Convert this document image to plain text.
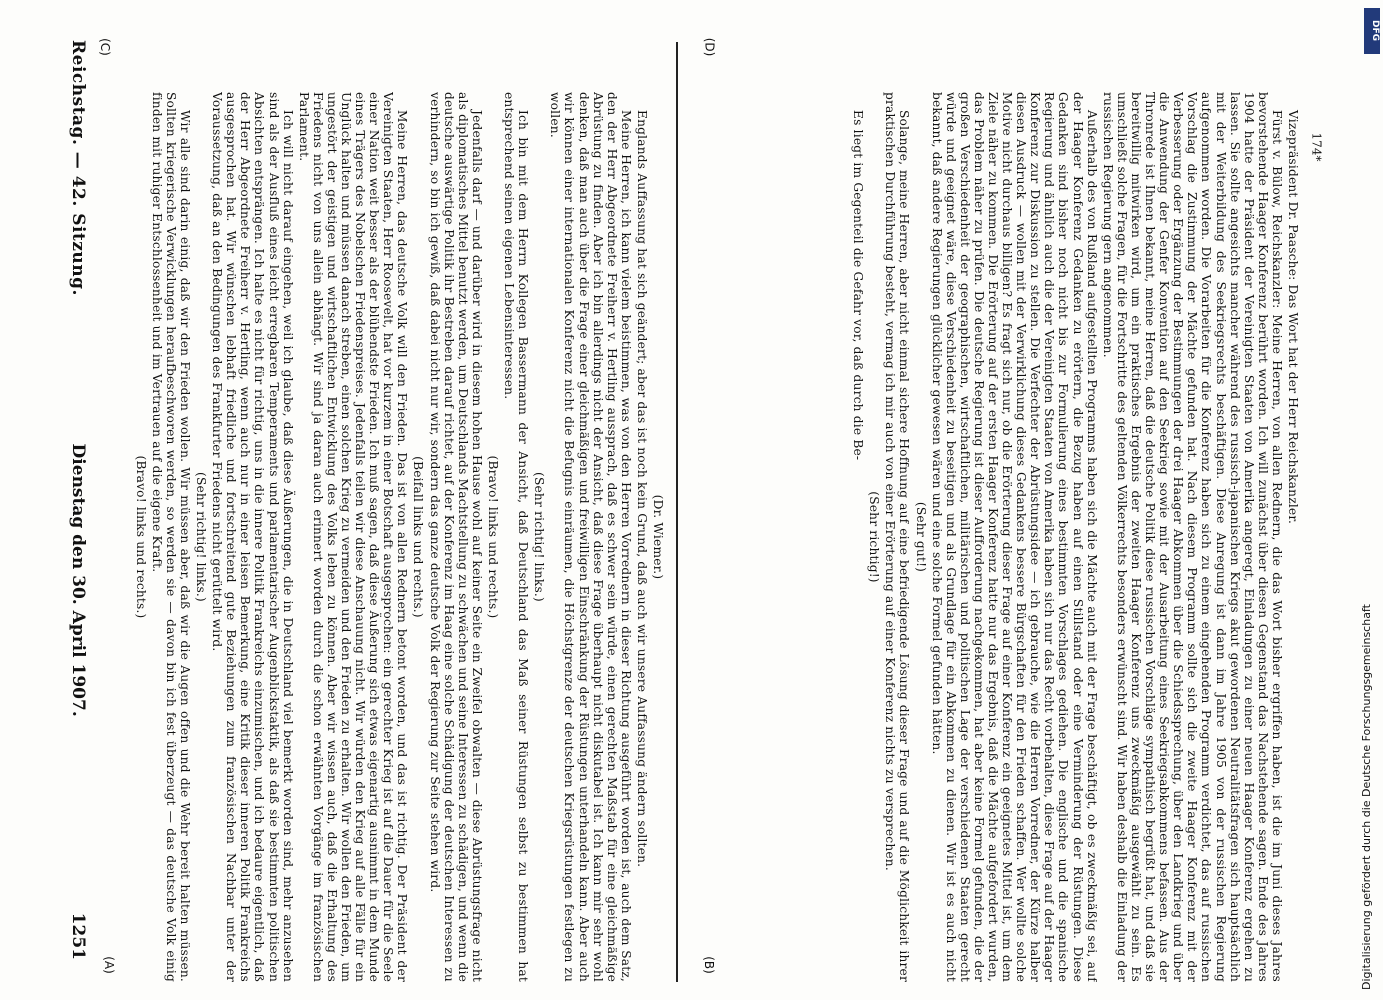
Reichstag. — 42. Sitzung.
Dienstag den 30. April 1907. 1251

(Dr. Wiemer.)

Englands Auffassung hat sich geändert; aber das ist noch kein Grund, daß auch wir unsere Auffassung ändern sollten.

Meine Herren, ich kann vielem beistimmen, was von den Herren Vorrednern in dieser Richtung ausgeführt worden ist, auch dem Satz, den der Herr Abgeordnete Freiherr v. Hertling aussprach, daß es schwer sein würde, einen gerechten Maßstab für eine gleichmäßige Abrüstung zu finden. Aber ich bin allerdings nicht der Ansicht, daß diese Frage überhaupt nicht diskutabel ist. Ich kann mir sehr wohl denken, daß man auch über die Frage einer gleichmäßigen und freiwilligen Einschränkung der Rüstungen unterhandeln kann. Aber auch wir können einer internationalen Konferenz nicht die Befugnis einräumen, die Höchstgrenze der deutschen Kriegsrüstungen festlegen zu wollen.

(Sehr richtig! links.)

Ich bin mit dem Herrn Kollegen Bassermann der Ansicht, daß Deutschland das Maß seiner Rüstungen selbst zu bestimmen hat entsprechend seinen eigenen Lebensinteressen.

(Bravo! links und rechts.)

Jedenfalls darf — und darüber wird in diesem hohen Hause wohl auf keiner Seite ein Zweifel obwalten — diese Abrüstungsfrage nicht als diplomatisches Mittel benutzt werden, um Deutschlands Machtstellung zu schwächen und seine Interessen zu schädigen, und wenn die deutsche auswärtige Politik ihr Bestreben darauf richtet, auf der Konferenz im Haag eine solche Schädigung der deutschen Interessen zu verhindern, so bin ich gewiß, daß dabei nicht nur wir, sondern das ganze deutsche Volk der Regierung zur Seite stehen wird.

(Beifall links und rechts.)

Meine Herren, das deutsche Volk will den Frieden. Das ist von allen Rednern betont worden, und das ist richtig. Der Präsident der Vereinigten Staaten, Herr Roosevelt, hat vor kurzem in einer Botschaft ausgesprochen: ein gerechter Krieg ist auf die Dauer für die Seele einer Nation weit besser als der blühendste Frieden. Ich muß sagen, daß diese Äußerung sich etwas eigenartig ausnimmt in dem Munde eines Trägers des Nobelschen Friedenspreises. Jedenfalls teilen wir diese Anschauung nicht. Wir würden den Krieg auf alle Fälle für ein Unglück halten und müssen danach streben, einen solchen Krieg zu vermeiden und den Frieden zu erhalten. Wir wollen den Frieden, um ungestört der geistigen und wirtschaftlichen Entwicklung des Volks leben zu können. Aber wir wissen auch, daß die Erhaltung des Friedens nicht von uns allein abhängt. Wir sind ja daran auch erinnert worden durch die schon erwähnten Vorgänge im französischen Parlament.

Ich will nicht darauf eingehen, weil ich glaube, daß diese Äußerungen, die in Deutschland viel bemerkt worden sind, mehr anzusehen sind als der Ausfluß eines leicht erregbaren Temperaments und parlamentarischer Augenblickstaktik, als daß sie bestimmten politischen Absichten entsprängen. Ich halte es nicht für richtig, uns in die innere Politik Frankreichs einzumischen, und ich bedaure eigentlich, daß der Herr Abgeordnete Freiherr v. Hertling, wenn auch nur in einer leisen Bemerkung, eine Kritik dieser inneren Politik Frankreichs ausgesprochen hat. Wir wünschen lebhaft friedliche und fortschreitend gute Beziehungen zum französischen Nachbar unter der Voraussetzung, daß an den Bedingungen des Frankfurter Friedens nicht gerüttelt wird.

(Sehr richtig! links.)

Wir alle sind darin einig, daß wir den Frieden wollen. Wir müssen aber, daß wir die Augen offen und die Wehr bereit halten müssen. Sollten kriegerische Verwicklungen heraufbeschworen werden, so werden sie — davon bin ich fest überzeugt — das deutsche Volk einig finden mit ruhiger Entschlossenheit und im Vertrauen auf die eigene Kraft.

(Bravo! links und rechts.)

Vizepräsident Dr. Paasche: Das Wort hat der Herr Reichskanzler.

Fürst v. Bülow, Reichskanzler: Meine Herren, von allen Rednern, die das Wort bisher ergriffen haben, ist die im Juni dieses Jahres bevorstehende Haager Konferenz berührt worden. Ich will zunächst über diesen Gegenstand das Nachstehende sagen. Ende des Jahres 1904 hatte der Präsident der Vereinigten Staaten von Amerika angeregt, Einladungen zu einer neuen Haager Konferenz ergehen zu lassen. Sie sollte angesichts mancher während des russisch-japanischen Kriegs akut gewordenen Neutralitätsfragen sich hauptsächlich mit der Weiterbildung des Seekriegsrechts beschäftigen. Diese Anregung ist dann im Jahre 1905 von der russischen Regierung aufgenommen worden. Die Vorarbeiten für die Konferenz haben sich zu einem eingehenden Programm verdichtet, das auf russischen Vorschlag die Zustimmung der Mächte gefunden hat. Nach diesem Programm sollte sich die zweite Haager Konferenz mit der Verbesserung oder Ergänzung der Bestimmungen der drei Haager Abkommen über die Schiedssprechung, über den Landkrieg und über die Anwendung der Genfer Konvention auf den Seekrieg sowie mit der Ausarbeitung eines Seekriegsabkommens befassen. Aus der Thronrede ist Ihnen bekannt, meine Herren, daß die deutsche Politik diese russischen Vorschläge sympathisch begrüßt hat, und daß sie bereitwillig mitwirken wird, um ein praktisches Ergebnis der zweiten Haager Konferenz uns zweckmäßig ausgewählt zu sein. Es umschließt solche Fragen, für die Fortschritte des geltenden Völkerrechts besonders erwünscht sind. Wir haben deshalb die Einladung der russischen Regierung gern angenommen.

Außerhalb des von Rußland aufgestellten Programms haben sich die Mächte auch mit der Frage beschäftigt, ob es zweckmäßig sei, auf der Haager Konferenz Gedanken zu erörtern, die Bezug haben auf einen Stillstand oder eine Verminderung der Rüstungen. Diese Gedanken sind bisher noch nicht bis zur Formulierung eines bestimmten Vorschlages gediehen. Die englische und die spanische Regierung und ähnlich auch die der Vereinigten Staaten von Amerika haben sich nur das Recht vorbehalten, diese Frage auf der Haager Konferenz zur Diskussion zu stellen. Die Verfechter der Abrüstungsidee — ich gebrauche, wie die Herren Vorredner, der Kürze halber diesen Ausdruck — wollen mit der Verwirklichung dieses Gedankens bessere Bürgschaften für den Frieden schaffen. Wer wollte solche Motive nicht durchaus billigen? Es fragt sich nur, ob die Erörterung dieser Frage auf einer Konferenz ein geeignetes Mittel ist, um dem Ziele näher zu kommen. Die Erörterung auf der ersten Haager Konferenz hatte nur das Ergebnis, daß die Mächte aufgefordert wurden, das Problem näher zu prüfen. Die deutsche Regierung ist dieser Aufforderung nachgekommen, hat aber keine Formel gefunden, die der großen Verschiedenheit der geographischen, wirtschaftlichen, militärischen und politischen Lage der verschiedenen Staaten gerecht würde und geeignet wäre, diese Verschiedenheit zu beseitigen und als Grundlage für ein Abkommen zu dienen. Wir ist es auch nicht bekannt, daß andere Regierungen glücklicher gewesen wären und eine solche Formel gefunden hätten.

(Sehr gut!)

Solange, meine Herren, aber nicht einmal sichere Hoffnung auf eine befriedigende Lösung dieser Frage und auf die Möglichkeit ihrer praktischen Durchführung besteht, vermag ich mir auch von einer Erörterung auf einer Konferenz nichts zu versprechen.

(Sehr richtig!)

Es liegt im Gegenteil die Gefahr vor, daß durch die Be-

(A)	(B)
(C)	(D)
174*
DFG
Digitalisierung gefördert durch die Deutsche Forschungsgemeinschaft
